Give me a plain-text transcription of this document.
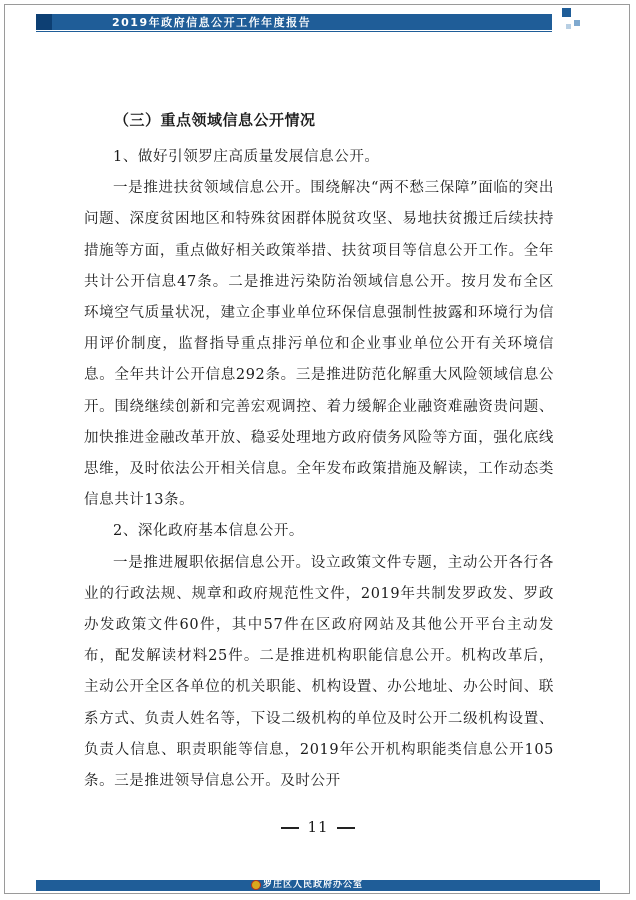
2019年政府信息公开工作年度报告
（三）重点领域信息公开情况

1、做好引领罗庄高质量发展信息公开。

一是推进扶贫领域信息公开。围绕解决“两不愁三保障”面临的突出问题、深度贫困地区和特殊贫困群体脱贫攻坚、易地扶贫搬迁后续扶持措施等方面，重点做好相关政策举措、扶贫项目等信息公开工作。全年共计公开信息47条。二是推进污染防治领域信息公开。按月发布全区环境空气质量状况，建立企事业单位环保信息强制性披露和环境行为信用评价制度，监督指导重点排污单位和企业事业单位公开有关环境信息。全年共计公开信息292条。三是推进防范化解重大风险领域信息公开。围绕继续创新和完善宏观调控、着力缓解企业融资难融资贵问题、加快推进金融改革开放、稳妥处理地方政府债务风险等方面，强化底线思维，及时依法公开相关信息。全年发布政策措施及解读，工作动态类信息共计13条。

2、深化政府基本信息公开。

一是推进履职依据信息公开。设立政策文件专题，主动公开各行各业的行政法规、规章和政府规范性文件，2019年共制发罗政发、罗政办发政策文件60件，其中57件在区政府网站及其他公开平台主动发布，配发解读材料25件。二是推进机构职能信息公开。机构改革后，主动公开全区各单位的机关职能、机构设置、办公地址、办公时间、联系方式、负责人姓名等，下设二级机构的单位及时公开二级机构设置、负责人信息、职责职能等信息，2019年公开机构职能类信息公开105条。三是推进领导信息公开。及时公开

11
罗庄区人民政府办公室
